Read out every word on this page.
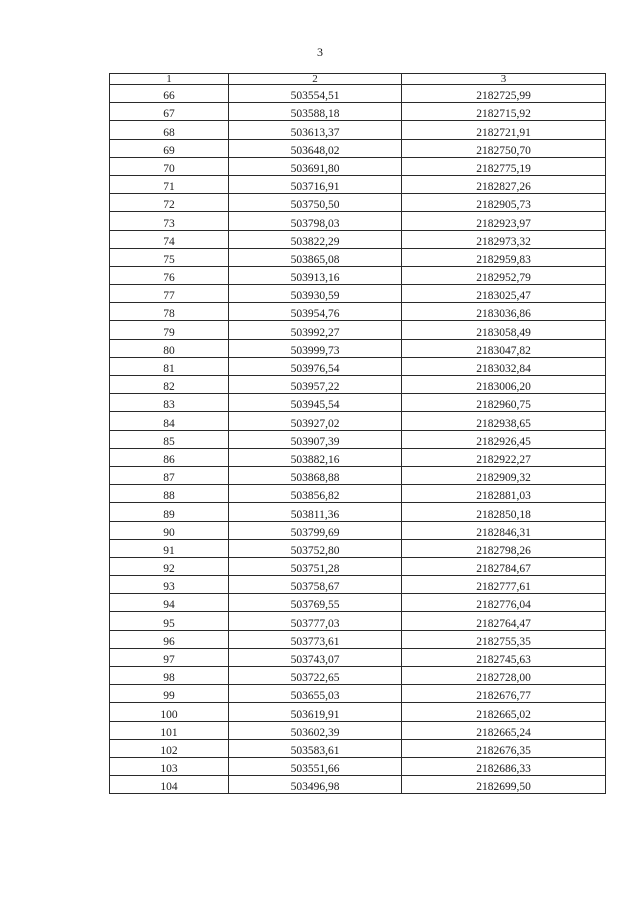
3
1	2	3
66	503554,51	2182725,99
67	503588,18	2182715,92
68	503613,37	2182721,91
69	503648,02	2182750,70
70	503691,80	2182775,19
71	503716,91	2182827,26
72	503750,50	2182905,73
73	503798,03	2182923,97
74	503822,29	2182973,32
75	503865,08	2182959,83
76	503913,16	2182952,79
77	503930,59	2183025,47
78	503954,76	2183036,86
79	503992,27	2183058,49
80	503999,73	2183047,82
81	503976,54	2183032,84
82	503957,22	2183006,20
83	503945,54	2182960,75
84	503927,02	2182938,65
85	503907,39	2182926,45
86	503882,16	2182922,27
87	503868,88	2182909,32
88	503856,82	2182881,03
89	503811,36	2182850,18
90	503799,69	2182846,31
91	503752,80	2182798,26
92	503751,28	2182784,67
93	503758,67	2182777,61
94	503769,55	2182776,04
95	503777,03	2182764,47
96	503773,61	2182755,35
97	503743,07	2182745,63
98	503722,65	2182728,00
99	503655,03	2182676,77
100	503619,91	2182665,02
101	503602,39	2182665,24
102	503583,61	2182676,35
103	503551,66	2182686,33
104	503496,98	2182699,50
